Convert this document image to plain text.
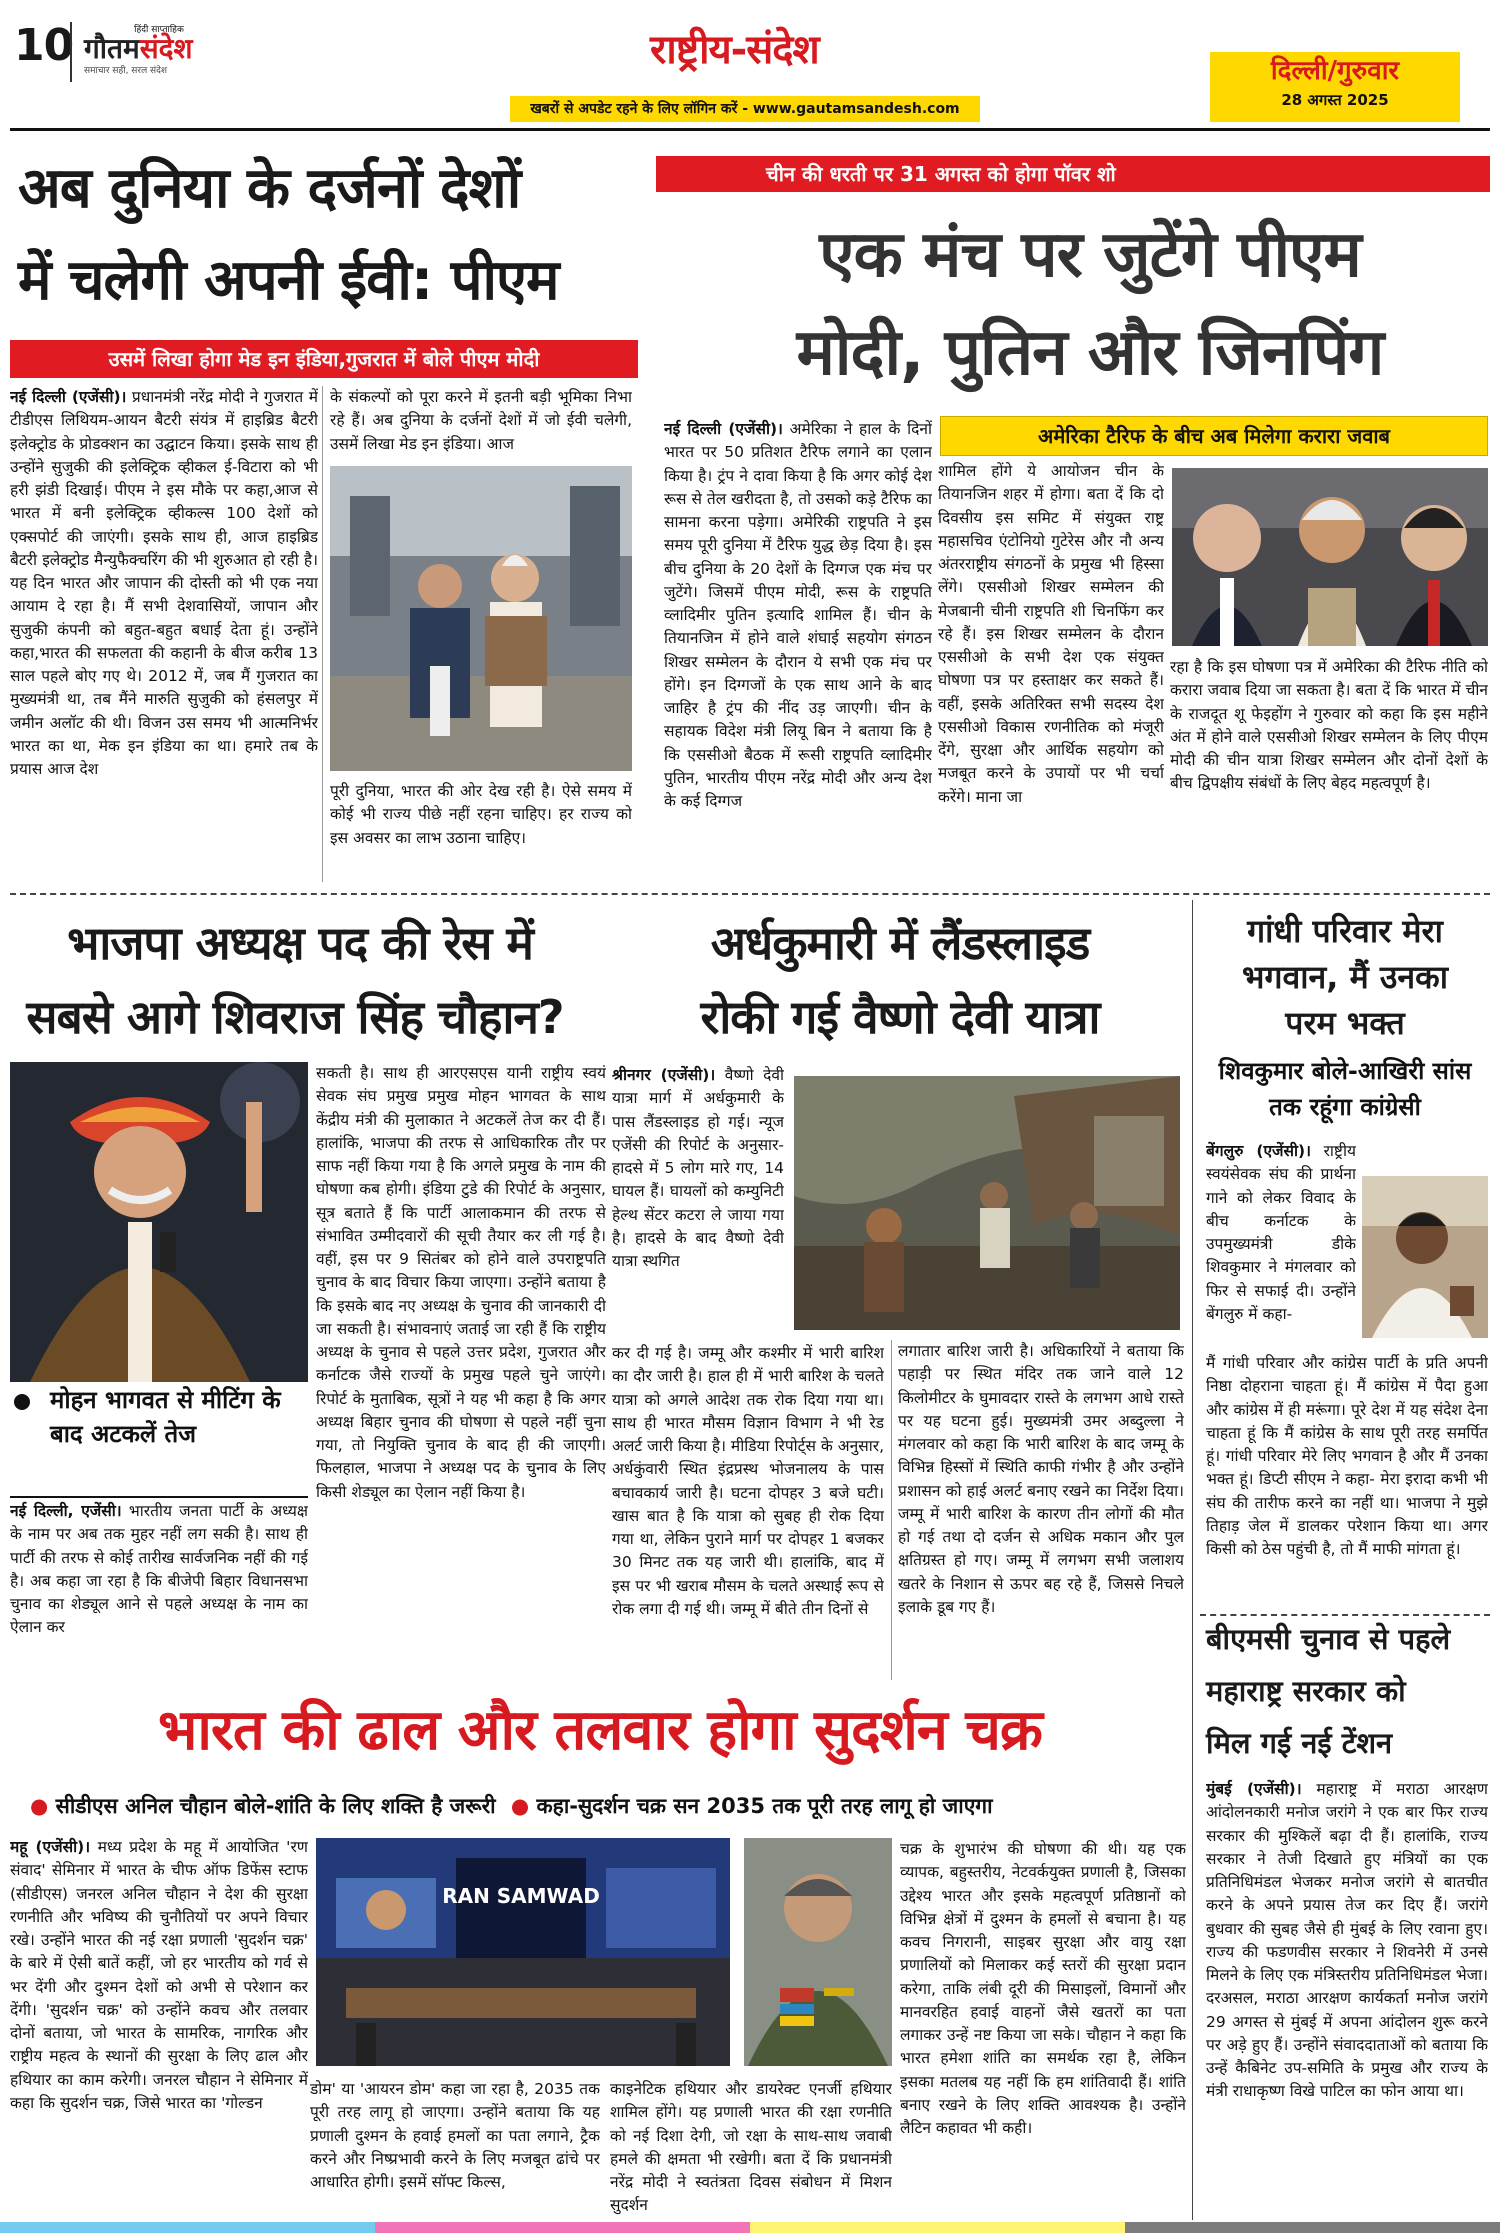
10	हिंदी साप्ताहिक
गौतमसंदेश
समाचार सही, सरल संदेश	राष्ट्रीय-संदेश
खबरों से अपडेट रहने के लिए लॉगिन करें - www.gautamsandesh.com
दिल्ली/गुरुवार
28 अगस्त 2025
अब दुनिया के दर्जनों देशों
में चलेगी अपनी ईवी: पीएम
उसमें लिखा होगा मेड इन इंडिया,गुजरात में बोले पीएम मोदी
नई दिल्ली (एजेंसी)। प्रधानमंत्री नरेंद्र मोदी ने गुजरात में टीडीएस लिथियम-आयन बैटरी संयंत्र में हाइब्रिड बैटरी इलेक्ट्रोड के प्रोडक्शन का उद्घाटन किया। इसके साथ ही उन्होंने सुजुकी की इलेक्ट्रिक व्हीकल ई-विटारा को भी हरी झंडी दिखाई। पीएम ने इस मौके पर कहा,आज से भारत में बनी इलेक्ट्रिक व्हीकल्स 100 देशों को एक्सपोर्ट की जाएंगी। इसके साथ ही, आज हाइब्रिड बैटरी इलेक्ट्रोड मैन्युफैक्चरिंग की भी शुरुआत हो रही है। यह दिन भारत और जापान की दोस्ती को भी एक नया आयाम दे रहा है। मैं सभी देशवासियों, जापान और सुजुकी कंपनी को बहुत-बहुत बधाई देता हूं। उन्होंने कहा,भारत की सफलता की कहानी के बीज करीब 13 साल पहले बोए गए थे। 2012 में, जब मैं गुजरात का मुख्यमंत्री था, तब मैंने मारुति सुजुकी को हंसलपुर में जमीन अलॉट की थी। विजन उस समय भी आत्मनिर्भर भारत का था, मेक इन इंडिया का था। हमारे तब के प्रयास आज देश
के संकल्पों को पूरा करने में इतनी बड़ी भूमिका निभा रहे हैं। अब दुनिया के दर्जनों देशों में जो ईवी चलेगी, उसमें लिखा मेड इन इंडिया। आज
पूरी दुनिया, भारत की ओर देख रही है। ऐसे समय में कोई भी राज्य पीछे नहीं रहना चाहिए। हर राज्य को इस अवसर का लाभ उठाना चाहिए।
चीन की धरती पर 31 अगस्त को होगा पॉवर शो
एक मंच पर जुटेंगे पीएम
मोदी, पुतिन और जिनपिंग
नई दिल्ली (एजेंसी)। अमेरिका ने हाल के दिनों भारत पर 50 प्रतिशत टैरिफ लगाने का एलान किया है। ट्रंप ने दावा किया है कि अगर कोई देश रूस से तेल खरीदता है, तो उसको कड़े टैरिफ का सामना करना पड़ेगा। अमेरिकी राष्ट्रपति ने इस समय पूरी दुनिया में टैरिफ युद्ध छेड़ दिया है। इस बीच दुनिया के 20 देशों के दिग्गज एक मंच पर जुटेंगे। जिसमें पीएम मोदी, रूस के राष्ट्रपति व्लादिमीर पुतिन इत्यादि शामिल हैं। चीन के तियानजिन में होने वाले शंघाई सहयोग संगठन शिखर सम्मेलन के दौरान ये सभी एक मंच पर होंगे। इन दिग्गजों के एक साथ आने के बाद जाहिर है ट्रंप की नींद उड़ जाएगी। चीन के सहायक विदेश मंत्री लियू बिन ने बताया कि है कि एससीओ बैठक में रूसी राष्ट्रपति व्लादिमीर पुतिन, भारतीय पीएम नरेंद्र मोदी और अन्य देश के कई दिग्गज
अमेरिका टैरिफ के बीच अब मिलेगा करारा जवाब
शामिल होंगे ये आयोजन चीन के तियानजिन शहर में होगा। बता दें कि दो दिवसीय इस समिट में संयुक्त राष्ट्र महासचिव एंटोनियो गुटेरेस और नौ अन्य अंतरराष्ट्रीय संगठनों के प्रमुख भी हिस्सा लेंगे। एससीओ शिखर सम्मेलन की मेजबानी चीनी राष्ट्रपति शी चिनफिंग कर रहे हैं। इस शिखर सम्मेलन के दौरान एससीओ के सभी देश एक संयुक्त घोषणा पत्र पर हस्ताक्षर कर सकते हैं। वहीं, इसके अतिरिक्त सभी सदस्य देश एससीओ विकास रणनीतिक को मंजूरी देंगे, सुरक्षा और आर्थिक सहयोग को मजबूत करने के उपायों पर भी चर्चा करेंगे। माना जा
रहा है कि इस घोषणा पत्र में अमेरिका की टैरिफ नीति को करारा जवाब दिया जा सकता है। बता दें कि भारत में चीन के राजदूत शू फेइहोंग ने गुरुवार को कहा कि इस महीने अंत में होने वाले एससीओ शिखर सम्मेलन के लिए पीएम मोदी की चीन यात्रा शिखर सम्मेलन और दोनों देशों के बीच द्विपक्षीय संबंधों के लिए बेहद महत्वपूर्ण है।
भाजपा अध्यक्ष पद की रेस में
सबसे आगे शिवराज सिंह चौहान?
मोहन भागवत से मीटिंग के बाद अटकलें तेज
नई दिल्ली, एजेंसी। भारतीय जनता पार्टी के अध्यक्ष के नाम पर अब तक मुहर नहीं लग सकी है। साथ ही पार्टी की तरफ से कोई तारीख सार्वजनिक नहीं की गई है। अब कहा जा रहा है कि बीजेपी बिहार विधानसभा चुनाव का शेड्यूल आने से पहले अध्यक्ष के नाम का ऐलान कर
सकती है। साथ ही आरएसएस यानी राष्ट्रीय स्वयं सेवक संघ प्रमुख प्रमुख मोहन भागवत के साथ केंद्रीय मंत्री की मुलाकात ने अटकलें तेज कर दी हैं। हालांकि, भाजपा की तरफ से आधिकारिक तौर पर साफ नहीं किया गया है कि अगले प्रमुख के नाम की घोषणा कब होगी। इंडिया टुडे की रिपोर्ट के अनुसार, सूत्र बताते हैं कि पार्टी आलाकमान की तरफ से संभावित उम्मीदवारों की सूची तैयार कर ली गई है। वहीं, इस पर 9 सितंबर को होने वाले उपराष्ट्रपति चुनाव के बाद विचार किया जाएगा। उन्होंने बताया है कि इसके बाद नए अध्यक्ष के चुनाव की जानकारी दी जा सकती है। संभावनाएं जताई जा रही हैं कि राष्ट्रीय अध्यक्ष के चुनाव से पहले उत्तर प्रदेश, गुजरात और कर्नाटक जैसे राज्यों के प्रमुख पहले चुने जाएंगे। रिपोर्ट के मुताबिक, सूत्रों ने यह भी कहा है कि अगर अध्यक्ष बिहार चुनाव की घोषणा से पहले नहीं चुना गया, तो नियुक्ति चुनाव के बाद ही की जाएगी। फिलहाल, भाजपा ने अध्यक्ष पद के चुनाव के लिए किसी शेड्यूल का ऐलान नहीं किया है।
अर्धकुमारी में लैंडस्लाइड
रोकी गई वैष्णो देवी यात्रा
श्रीनगर (एजेंसी)। वैष्णो देवी यात्रा मार्ग में अर्धकुमारी के पास लैंडस्लाइड हो गई। न्यूज एजेंसी की रिपोर्ट के अनुसार- हादसे में 5 लोग मारे गए, 14 घायल हैं। घायलों को कम्युनिटी हेल्थ सेंटर कटरा ले जाया गया है। हादसे के बाद वैष्णो देवी यात्रा स्थगित
कर दी गई है। जम्मू और कश्मीर में भारी बारिश का दौर जारी है। हाल ही में भारी बारिश के चलते यात्रा को अगले आदेश तक रोक दिया गया था। साथ ही भारत मौसम विज्ञान विभाग ने भी रेड अलर्ट जारी किया है। मीडिया रिपोर्ट्स के अनुसार, अर्धकुंवारी स्थित इंद्रप्रस्थ भोजनालय के पास बचावकार्य जारी है। घटना दोपहर 3 बजे घटी। खास बात है कि यात्रा को सुबह ही रोक दिया गया था, लेकिन पुराने मार्ग पर दोपहर 1 बजकर 30 मिनट तक यह जारी थी। हालांकि, बाद में इस पर भी खराब मौसम के चलते अस्थाई रूप से रोक लगा दी गई थी। जम्मू में बीते तीन दिनों से
लगातार बारिश जारी है। अधिकारियों ने बताया कि पहाड़ी पर स्थित मंदिर तक जाने वाले 12 किलोमीटर के घुमावदार रास्ते के लगभग आधे रास्ते पर यह घटना हुई। मुख्यमंत्री उमर अब्दुल्ला ने मंगलवार को कहा कि भारी बारिश के बाद जम्मू के विभिन्न हिस्सों में स्थिति काफी गंभीर है और उन्होंने प्रशासन को हाई अलर्ट बनाए रखने का निर्देश दिया। जम्मू में भारी बारिश के कारण तीन लोगों की मौत हो गई तथा दो दर्जन से अधिक मकान और पुल क्षतिग्रस्त हो गए। जम्मू में लगभग सभी जलाशय खतरे के निशान से ऊपर बह रहे हैं, जिससे निचले इलाके डूब गए हैं।
गांधी परिवार मेरा
भगवान, मैं उनका
परम भक्त
शिवकुमार बोले-आखिरी सांस
तक रहूंगा कांग्रेसी
बेंगलुरु (एजेंसी)। राष्ट्रीय स्वयंसेवक संघ की प्रार्थना गाने को लेकर विवाद के बीच कर्नाटक के उपमुख्यमंत्री डीके शिवकुमार ने मंगलवार को फिर से सफाई दी। उन्होंने बेंगलुरु में कहा-
मैं गांधी परिवार और कांग्रेस पार्टी के प्रति अपनी निष्ठा दोहराना चाहता हूं। मैं कांग्रेस में पैदा हुआ और कांग्रेस में ही मरूंगा। पूरे देश में यह संदेश देना चाहता हूं कि मैं कांग्रेस के साथ पूरी तरह समर्पित हूं। गांधी परिवार मेरे लिए भगवान है और मैं उनका भक्त हूं। डिप्टी सीएम ने कहा- मेरा इरादा कभी भी संघ की तारीफ करने का नहीं था। भाजपा ने मुझे तिहाड़ जेल में डालकर परेशान किया था। अगर किसी को ठेस पहुंची है, तो मैं माफी मांगता हूं।
बीएमसी चुनाव से पहले
महाराष्ट्र सरकार को
मिल गई नई टेंशन
मुंबई (एजेंसी)। महाराष्ट्र में मराठा आरक्षण आंदोलनकारी मनोज जरांगे ने एक बार फिर राज्य सरकार की मुश्किलें बढ़ा दी हैं। हालांकि, राज्य सरकार ने तेजी दिखाते हुए मंत्रियों का एक प्रतिनिधिमंडल भेजकर मनोज जरांगे से बातचीत करने के अपने प्रयास तेज कर दिए हैं। जरांगे बुधवार की सुबह जैसे ही मुंबई के लिए रवाना हुए। राज्य की फडणवीस सरकार ने शिवनेरी में उनसे मिलने के लिए एक मंत्रिस्तरीय प्रतिनिधिमंडल भेजा। दरअसल, मराठा आरक्षण कार्यकर्ता मनोज जरांगे 29 अगस्त से मुंबई में अपना आंदोलन शुरू करने पर अड़े हुए हैं। उन्होंने संवाददाताओं को बताया कि उन्हें कैबिनेट उप-समिति के प्रमुख और राज्य के मंत्री राधाकृष्ण विखे पाटिल का फोन आया था।
भारत की ढाल और तलवार होगा सुदर्शन चक्र
● सीडीएस अनिल चौहान बोले-शांति के लिए शक्ति है जरूरी ● कहा-सुदर्शन चक्र सन 2035 तक पूरी तरह लागू हो जाएगा
महू (एजेंसी)। मध्य प्रदेश के महू में आयोजित 'रण संवाद' सेमिनार में भारत के चीफ ऑफ डिफेंस स्टाफ (सीडीएस) जनरल अनिल चौहान ने देश की सुरक्षा रणनीति और भविष्य की चुनौतियों पर अपने विचार रखे। उन्होंने भारत की नई रक्षा प्रणाली 'सुदर्शन चक्र' के बारे में ऐसी बातें कहीं, जो हर भारतीय को गर्व से भर देंगी और दुश्मन देशों को अभी से परेशान कर देंगी। 'सुदर्शन चक्र' को उन्होंने कवच और तलवार दोनों बताया, जो भारत के सामरिक, नागरिक और राष्ट्रीय महत्व के स्थानों की सुरक्षा के लिए ढाल और हथियार का काम करेगी। जनरल चौहान ने सेमिनार में कहा कि सुदर्शन चक्र, जिसे भारत का 'गोल्डन
RAN SAMWAD
डोम' या 'आयरन डोम' कहा जा रहा है, 2035 तक पूरी तरह लागू हो जाएगा। उन्होंने बताया कि यह प्रणाली दुश्मन के हवाई हमलों का पता लगाने, ट्रैक करने और निष्प्रभावी करने के लिए मजबूत ढांचे पर आधारित होगी। इसमें सॉफ्ट किल्स,
काइनेटिक हथियार और डायरेक्ट एनर्जी हथियार शामिल होंगे। यह प्रणाली भारत की रक्षा रणनीति को नई दिशा देगी, जो रक्षा के साथ-साथ जवाबी हमले की क्षमता भी रखेगी। बता दें कि प्रधानमंत्री नरेंद्र मोदी ने स्वतंत्रता दिवस संबोधन में मिशन सुदर्शन
चक्र के शुभारंभ की घोषणा की थी। यह एक व्यापक, बहुस्तरीय, नेटवर्कयुक्त प्रणाली है, जिसका उद्देश्य भारत और इसके महत्वपूर्ण प्रतिष्ठानों को विभिन्न क्षेत्रों में दुश्मन के हमलों से बचाना है। यह कवच निगरानी, साइबर सुरक्षा और वायु रक्षा प्रणालियों को मिलाकर कई स्तरों की सुरक्षा प्रदान करेगा, ताकि लंबी दूरी की मिसाइलों, विमानों और मानवरहित हवाई वाहनों जैसे खतरों का पता लगाकर उन्हें नष्ट किया जा सके। चौहान ने कहा कि भारत हमेशा शांति का समर्थक रहा है, लेकिन इसका मतलब यह नहीं कि हम शांतिवादी हैं। शांति बनाए रखने के लिए शक्ति आवश्यक है। उन्होंने लैटिन कहावत भी कही।
